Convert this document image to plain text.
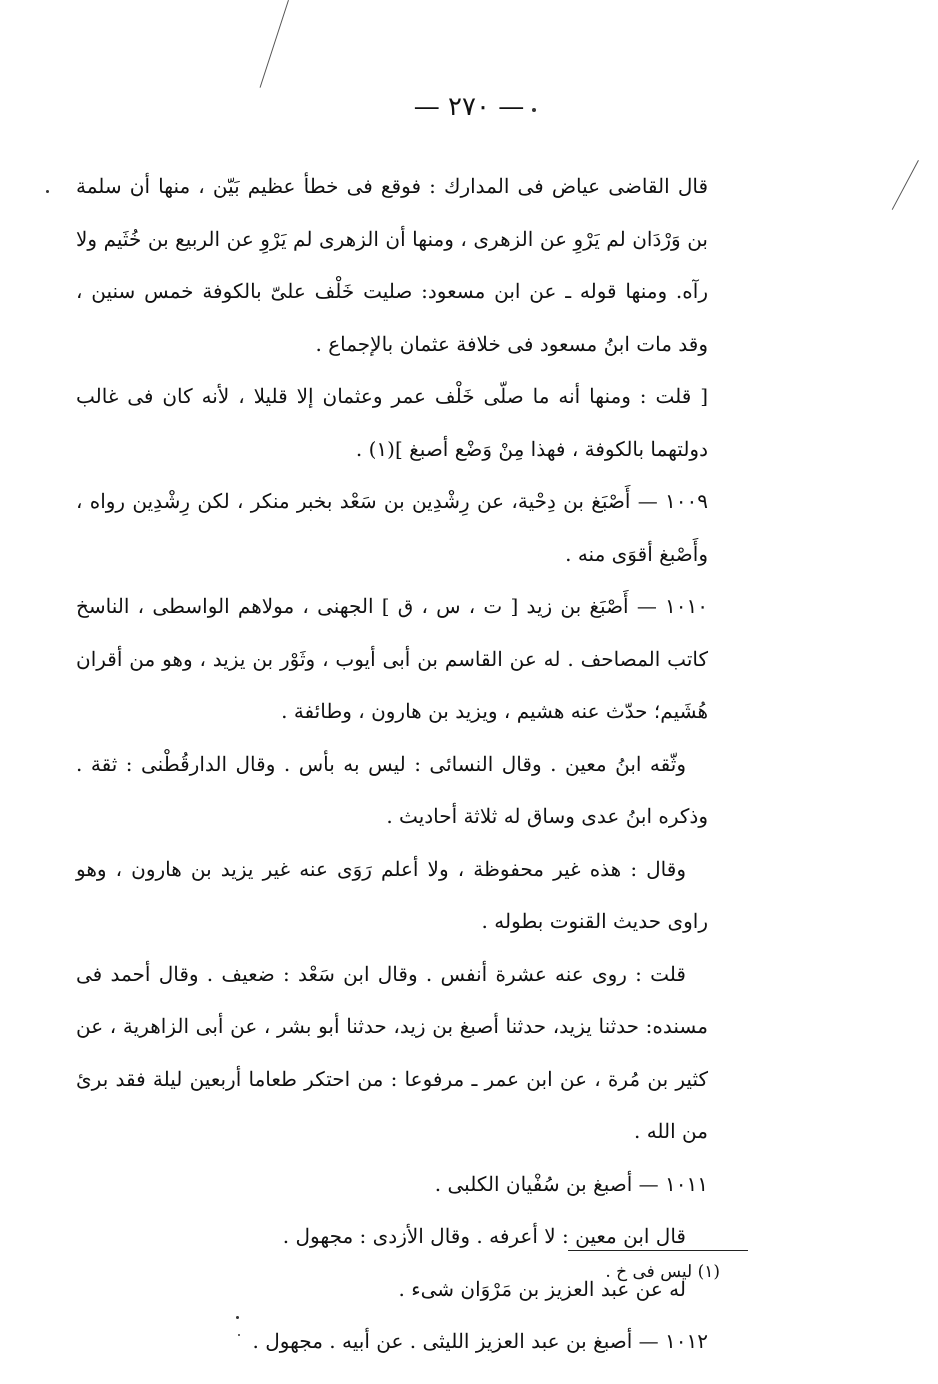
— ٢٧٠ —

قال القاضى عياض فى المدارك : فوقع فى خطأ عظيم بَيّن ، منها أن سلمة بن وَرْدَان لم يَرْوِ عن الزهرى ، ومنها أن الزهرى لم يَرْوِ عن الربيع بن خُثَيم ولا رآه. ومنها قوله ـ عن ابن مسعود: صليت خَلْف علىّ بالكوفة خمس سنين ، وقد مات ابنُ مسعود فى خلافة عثمان بالإجماع .

[ قلت : ومنها أنه ما صلّى خَلْف عمر وعثمان إلا قليلا ، لأنه كان فى غالب دولتهما بالكوفة ، فهذا مِنْ وَضْع أصبغ ](١) .

١٠٠٩ — أَصْبَغ بن دِحْية، عن رِشْدِين بن سَعْد بخبر منكر ، لكن رِشْدِين رواه ، وأَصْبغ أقوَى منه .

١٠١٠ — أَصْبَغ بن زيد [ ت ، س ، ق ] الجهنى ، مولاهم الواسطى ، الناسخ كاتب المصاحف . له عن القاسم بن أبى أيوب ، وثَوْر بن يزيد ، وهو من أقران هُشَيم؛ حدّث عنه هشيم ، ويزيد بن هارون ، وطائفة .

وثّقه ابنُ معين . وقال النسائى : ليس به بأس . وقال الدارقُطْنى : ثقة . وذكره ابنُ عدى وساق له ثلاثة أحاديث .

وقال : هذه غير محفوظة ، ولا أعلم رَوَى عنه غير يزيد بن هارون ، وهو راوى حديث القنوت بطوله .

قلت : روى عنه عشرة أنفس . وقال ابن سَعْد : ضعيف . وقال أحمد فى مسنده: حدثنا يزيد، حدثنا أصبغ بن زيد، حدثنا أبو بشر ، عن أبى الزاهرية ، عن كثير بن مُرة ، عن ابن عمر ـ مرفوعا : من احتكر طعاما أربعين ليلة فقد برئ من الله .

١٠١١ — أصبغ بن سُفْيان الكلبى .

قال ابن معين : لا أعرفه . وقال الأزدى : مجهول .

له عن عبد العزيز بن مَرْوَان شىء .

١٠١٢ — أصبغ بن عبد العزيز الليثى . عن أبيه . مجهول .

(١) ليس فى خ .
